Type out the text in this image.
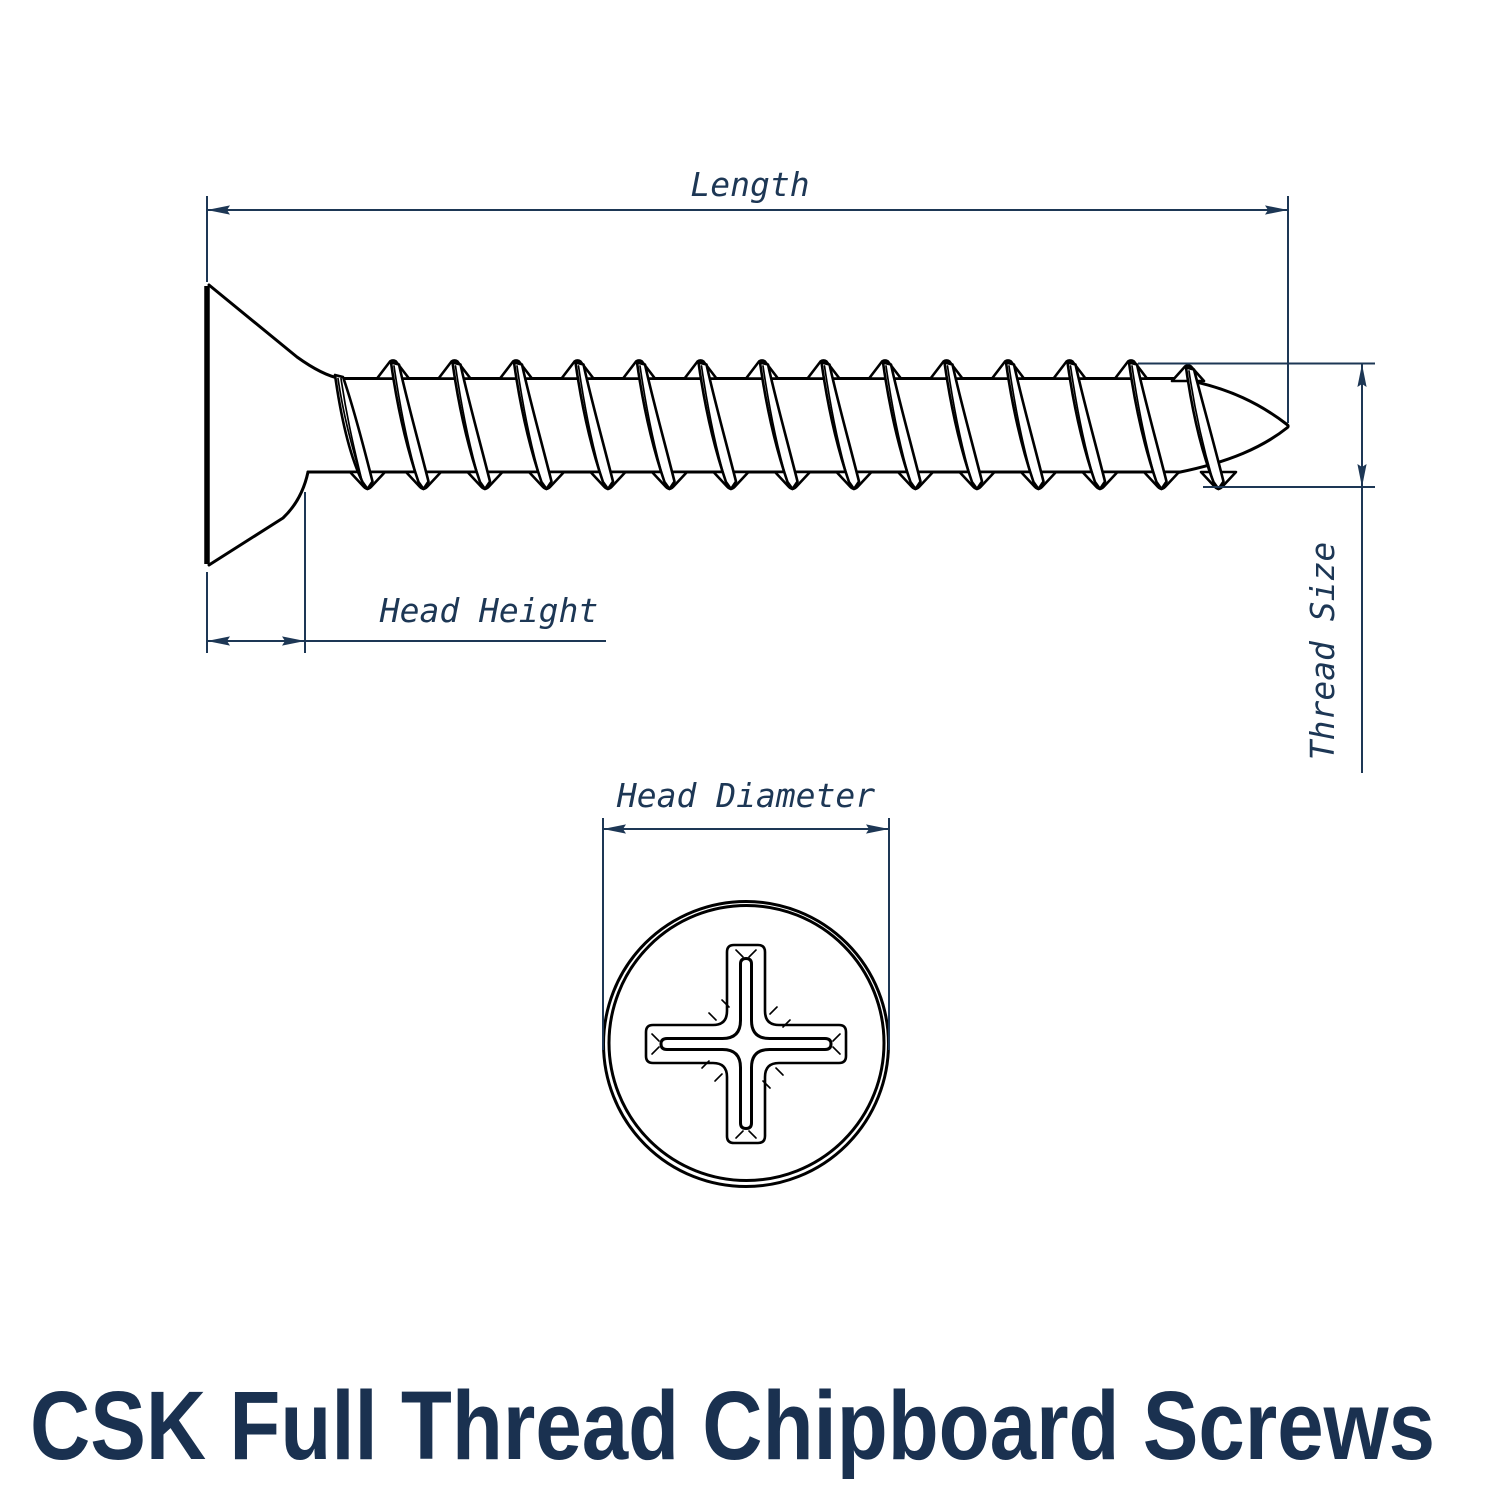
Length
Head Height	Thread Size
Head Diameter
CSK Full Thread Chipboard Screws
